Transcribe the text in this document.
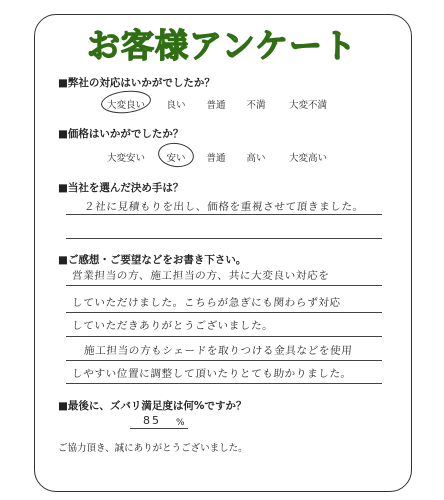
お客様アンケート
■弊社の対応はいかがでしたか？
大変良い 良い 普通 不満 大変不満
■価格はいかがでしたか？
大変安い 安い 普通 高い 大変高い
■当社を選んだ決め手は？
２社に見積もりを出し、価格を重視させて頂きました。
■ご感想・ご要望などをお書き下さい。
営業担当の方、施工担当の方、共に大変良い対応を
していただけました。こちらが急ぎにも関わらず対応
していただきありがとうございました。
施工担当の方もシェードを取りつける金具などを使用
しやすい位置に調整して頂いたりとても助かりました。
■最後に、ズバリ満足度は何%ですか？
85 %
ご協力頂き、誠にありがとうございました。
